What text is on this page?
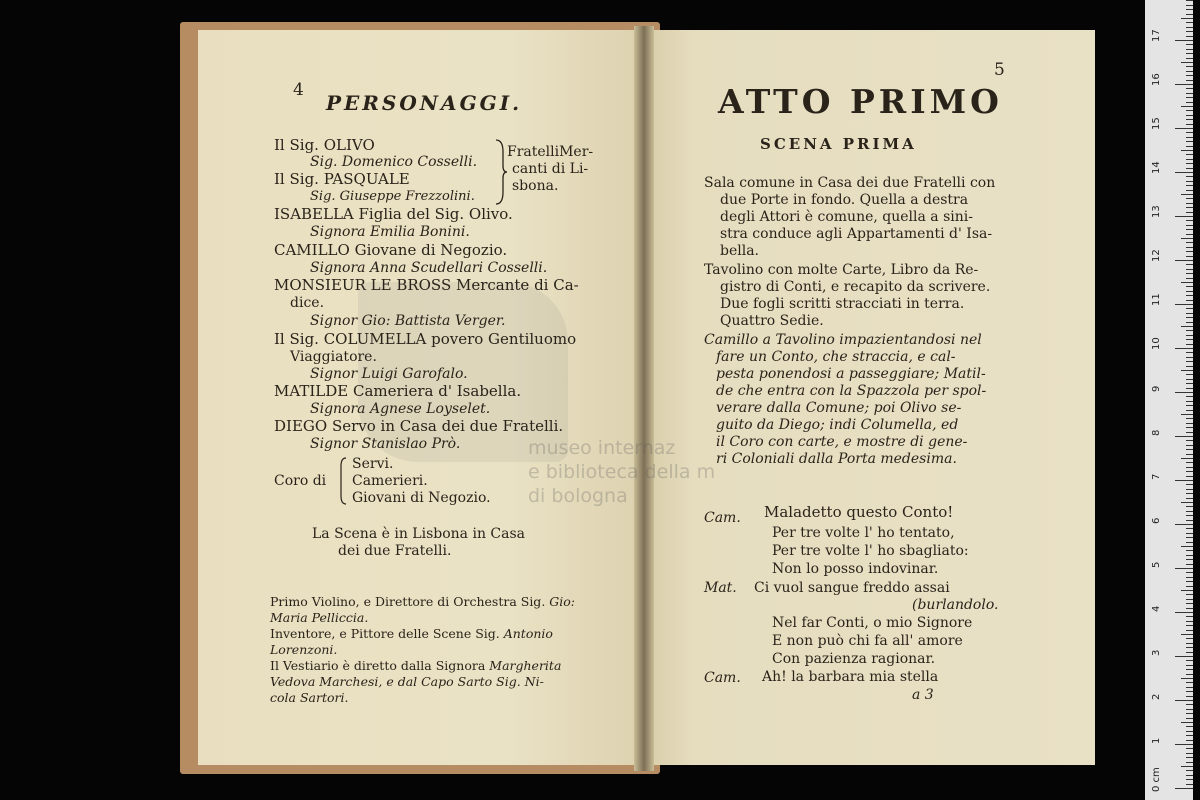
museo internaz
e biblioteca della m
di bologna
4
PERSONAGGI.
Il Sig. OLIVO
Sig. Domenico Cosselli.
Il Sig. PASQUALE
Sig. Giuseppe Frezzolini.
FratelliMer-
canti di Li-
sbona.
ISABELLA Figlia del Sig. Olivo.
Signora Emilia Bonini.
CAMILLO Giovane di Negozio.
Signora Anna Scudellari Cosselli.
MONSIEUR LE BROSS Mercante di Ca-
dice.
Signor Gio: Battista Verger.
Il Sig. COLUMELLA povero Gentiluomo
Viaggiatore.
Signor Luigi Garofalo.
MATILDE Cameriera d' Isabella.
Signora Agnese Loyselet.
DIEGO Servo in Casa dei due Fratelli.
Signor Stanislao Prò.
Coro di
Servi.
Camerieri.
Giovani di Negozio.
La Scena è in Lisbona in Casa
dei due Fratelli.
Primo Violino, e Direttore di Orchestra Sig. Gio:
Maria Pelliccia.
Inventore, e Pittore delle Scene Sig. Antonio
Lorenzoni.
Il Vestiario è diretto dalla Signora Margherita
Vedova Marchesi, e dal Capo Sarto Sig. Ni-
cola Sartori.
5
ATTO PRIMO
SCENA PRIMA
Sala comune in Casa dei due Fratelli con
due Porte in fondo. Quella a destra
degli Attori è comune, quella a sini-
stra conduce agli Appartamenti d' Isa-
bella.
Tavolino con molte Carte, Libro da Re-
gistro di Conti, e recapito da scrivere.
Due fogli scritti stracciati in terra.
Quattro Sedie.
Camillo a Tavolino impazientandosi nel
fare un Conto, che straccia, e cal-
pesta ponendosi a passeggiare; Matil-
de che entra con la Spazzola per spol-
verare dalla Comune; poi Olivo se-
guito da Diego; indi Columella, ed
il Coro con carte, e mostre di gene-
ri Coloniali dalla Porta medesima.
Cam. Maladetto questo Conto!
Per tre volte l' ho tentato,
Per tre volte l' ho sbagliato:
Non lo posso indovinar.
Mat. Ci vuol sangue freddo assai
(burlandolo.
Nel far Conti, o mio Signore
E non può chi fa all' amore
Con pazienza ragionar.
Cam. Ah! la barbara mia stella
a 3
0 cm
1
2
3
4
5
6
7
8
9
10
11
12
13
14
15
16
17
